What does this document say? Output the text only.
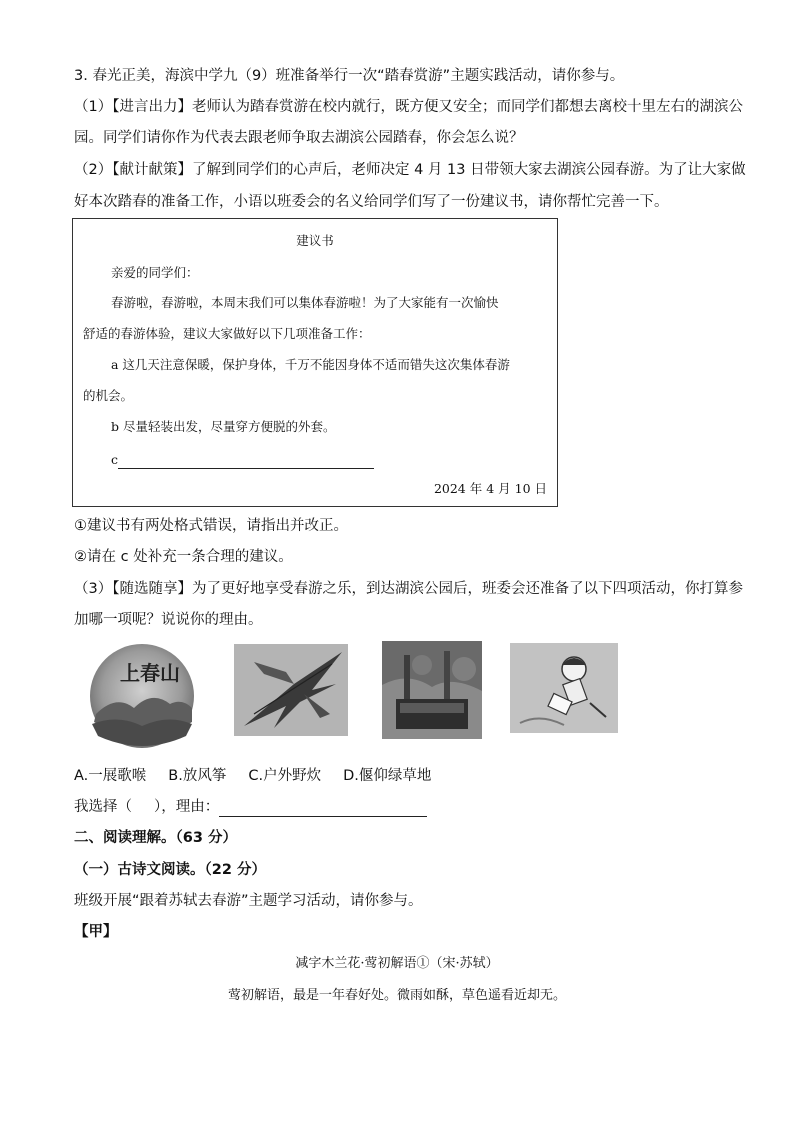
3. 春光正美，海滨中学九（9）班准备举行一次“踏春赏游”主题实践活动，请你参与。
（1）【进言出力】老师认为踏春赏游在校内就行，既方便又安全；而同学们都想去离校十里左右的湖滨公
园。同学们请你作为代表去跟老师争取去湖滨公园踏春，你会怎么说？
（2）【献计献策】了解到同学们的心声后，老师决定 4 月 13 日带领大家去湖滨公园春游。为了让大家做
好本次踏春的准备工作，小语以班委会的名义给同学们写了一份建议书，请你帮忙完善一下。
建议书
亲爱的同学们：
春游啦，春游啦，本周末我们可以集体春游啦！为了大家能有一次愉快
舒适的春游体验，建议大家做好以下几项准备工作：
a 这几天注意保暖，保护身体，千万不能因身体不适而错失这次集体春游
的机会。
b 尽量轻装出发，尽量穿方便脱的外套。
c
2024 年 4 月 10 日
①建议书有两处格式错误，请指出并改正。
②请在 c 处补充一条合理的建议。
（3）【随选随享】为了更好地享受春游之乐，到达湖滨公园后，班委会还准备了以下四项活动，你打算参
加哪一项呢？说说你的理由。
上春山
A.一展歌喉 B.放风筝 C.户外野炊 D.偃仰绿草地
我选择（ ），理由：
二、阅读理解。（63 分）
（一）古诗文阅读。（22 分）
班级开展“跟着苏轼去春游”主题学习活动，请你参与。
【甲】
减字木兰花·莺初解语①（宋·苏轼）
莺初解语，最是一年春好处。微雨如酥，草色遥看近却无。
